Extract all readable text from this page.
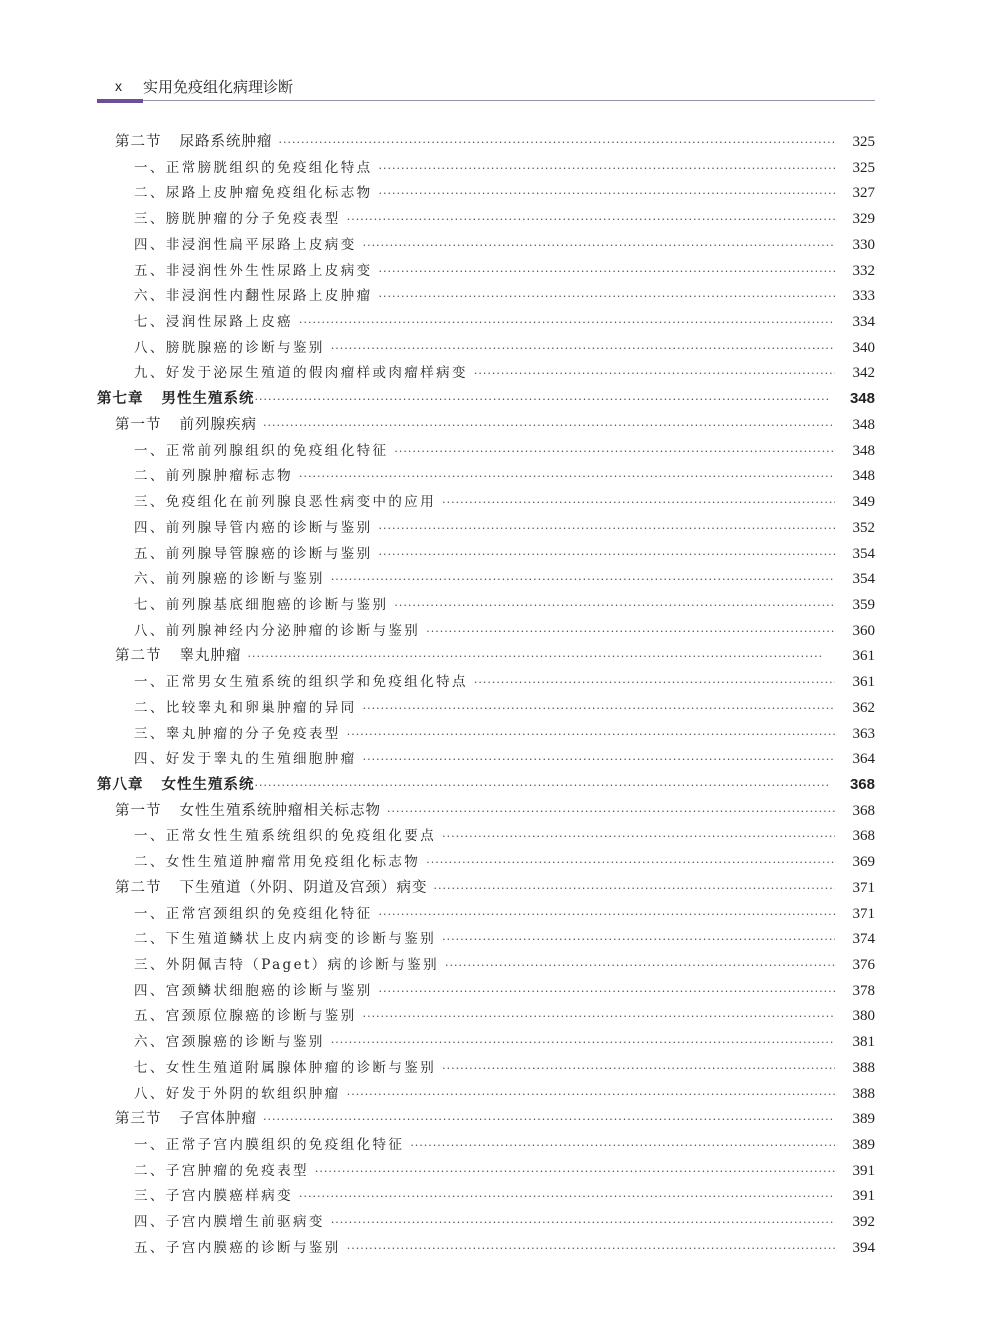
x 实用免疫组化病理诊断
第二节 尿路系统肿瘤 ·····	325
一、正常膀胱组织的免疫组化特点 ·····	325
二、尿路上皮肿瘤免疫组化标志物 ·····	327
三、膀胱肿瘤的分子免疫表型 ·····	329
四、非浸润性扁平尿路上皮病变 ·····	330
五、非浸润性外生性尿路上皮病变 ·····	332
六、非浸润性内翻性尿路上皮肿瘤 ·····	333
七、浸润性尿路上皮癌 ·····	334
八、膀胱腺癌的诊断与鉴别 ·····	340
九、好发于泌尿生殖道的假肉瘤样或肉瘤样病变 ·····	342
第七章 男性生殖系统 ·····	348
第一节 前列腺疾病 ·····	348
一、正常前列腺组织的免疫组化特征 ·····	348
二、前列腺肿瘤标志物 ·····	348
三、免疫组化在前列腺良恶性病变中的应用 ·····	349
四、前列腺导管内癌的诊断与鉴别 ·····	352
五、前列腺导管腺癌的诊断与鉴别 ·····	354
六、前列腺癌的诊断与鉴别 ·····	354
七、前列腺基底细胞癌的诊断与鉴别 ·····	359
八、前列腺神经内分泌肿瘤的诊断与鉴别 ·····	360
第二节 睾丸肿瘤 ·····	361
一、正常男女生殖系统的组织学和免疫组化特点 ·····	361
二、比较睾丸和卵巢肿瘤的异同 ·····	362
三、睾丸肿瘤的分子免疫表型 ·····	363
四、好发于睾丸的生殖细胞肿瘤 ·····	364
第八章 女性生殖系统 ·····	368
第一节 女性生殖系统肿瘤相关标志物 ·····	368
一、正常女性生殖系统组织的免疫组化要点 ·····	368
二、女性生殖道肿瘤常用免疫组化标志物 ·····	369
第二节 下生殖道（外阴、阴道及宫颈）病变 ·····	371
一、正常宫颈组织的免疫组化特征 ·····	371
二、下生殖道鳞状上皮内病变的诊断与鉴别 ·····	374
三、外阴佩吉特（Paget）病的诊断与鉴别 ·····	376
四、宫颈鳞状细胞癌的诊断与鉴别 ·····	378
五、宫颈原位腺癌的诊断与鉴别 ·····	380
六、宫颈腺癌的诊断与鉴别 ·····	381
七、女性生殖道附属腺体肿瘤的诊断与鉴别 ·····	388
八、好发于外阴的软组织肿瘤 ·····	388
第三节 子宫体肿瘤 ·····	389
一、正常子宫内膜组织的免疫组化特征 ·····	389
二、子宫肿瘤的免疫表型 ·····	391
三、子宫内膜癌样病变 ·····	391
四、子宫内膜增生前驱病变 ·····	392
五、子宫内膜癌的诊断与鉴别 ·····	394
